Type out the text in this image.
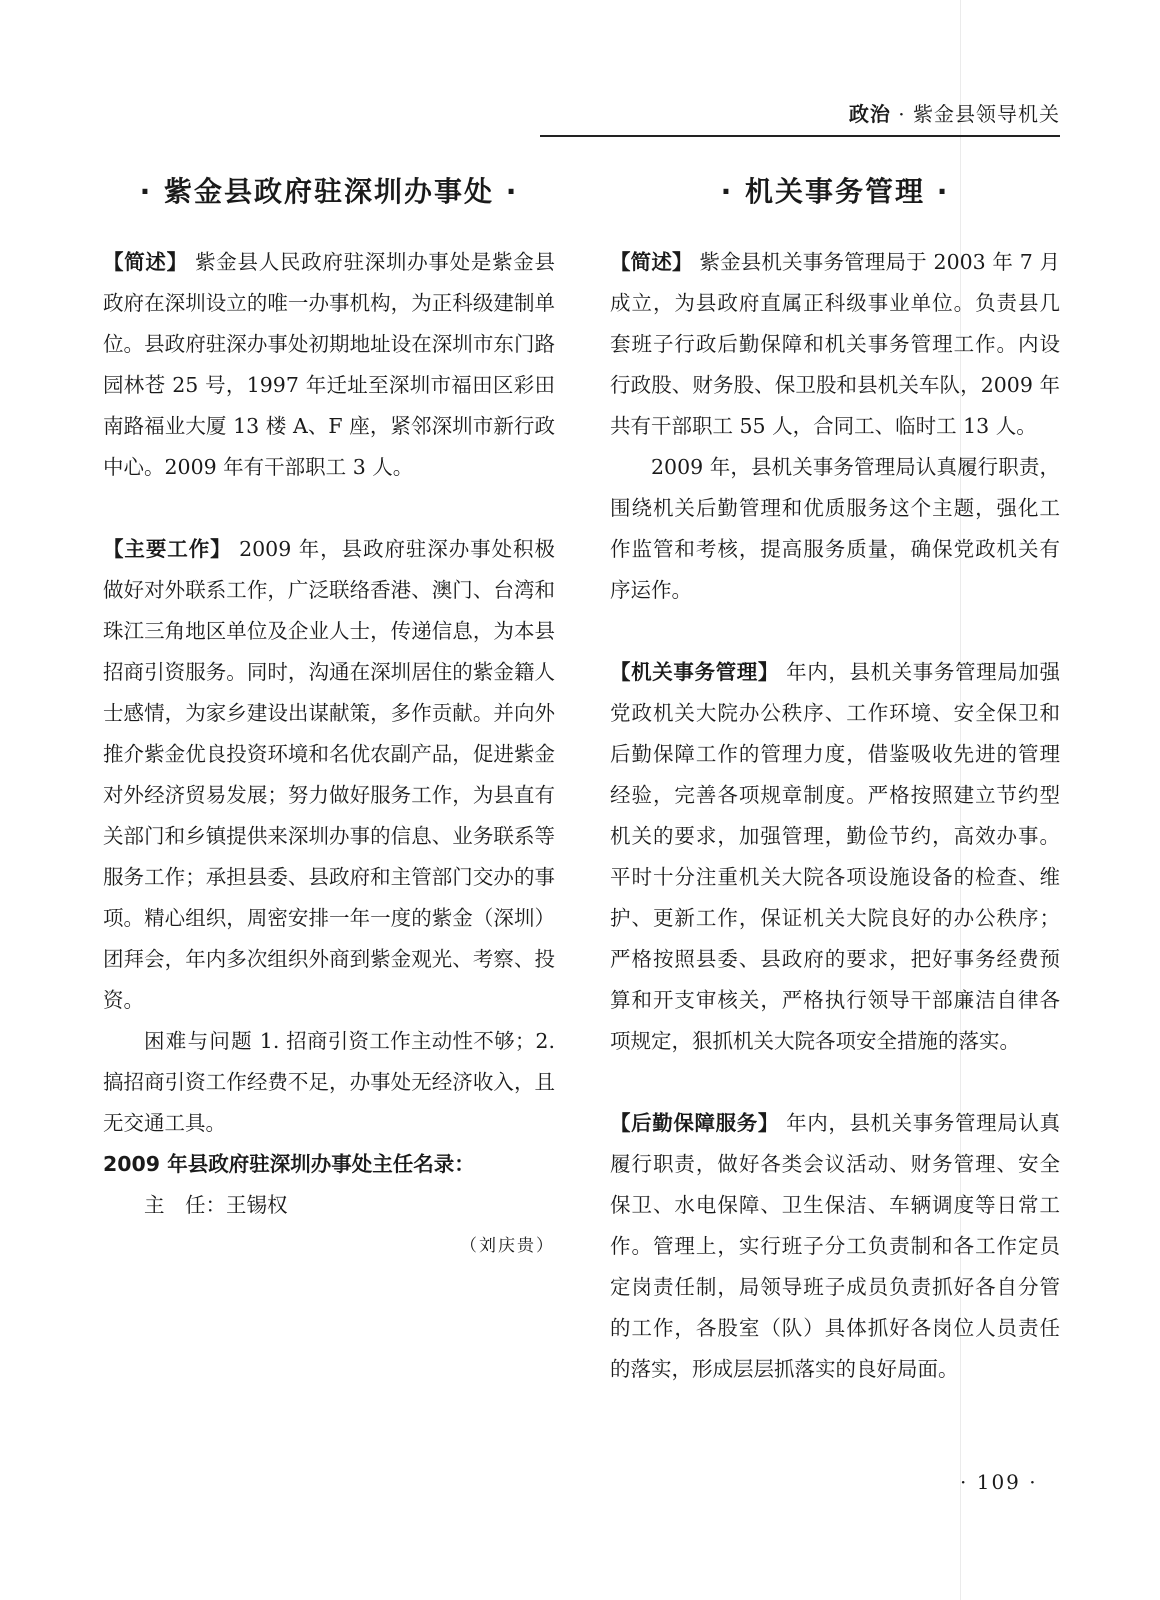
政治 · 紫金县领导机关
· 紫金县政府驻深圳办事处 ·

【简述】 紫金县人民政府驻深圳办事处是紫金县政府在深圳设立的唯一办事机构，为正科级建制单位。县政府驻深办事处初期地址设在深圳市东门路园林苍 25 号，1997 年迁址至深圳市福田区彩田南路福业大厦 13 楼 A、F 座，紧邻深圳市新行政中心。2009 年有干部职工 3 人。

【主要工作】 2009 年，县政府驻深办事处积极做好对外联系工作，广泛联络香港、澳门、台湾和珠江三角地区单位及企业人士，传递信息，为本县招商引资服务。同时，沟通在深圳居住的紫金籍人士感情，为家乡建设出谋献策，多作贡献。并向外推介紫金优良投资环境和名优农副产品，促进紫金对外经济贸易发展；努力做好服务工作，为县直有关部门和乡镇提供来深圳办事的信息、业务联系等服务工作；承担县委、县政府和主管部门交办的事项。精心组织，周密安排一年一度的紫金（深圳）团拜会，年内多次组织外商到紫金观光、考察、投资。

困难与问题 1. 招商引资工作主动性不够；2. 搞招商引资工作经费不足，办事处无经济收入，且无交通工具。

2009 年县政府驻深圳办事处主任名录：

主　任：王锡权

（刘庆贵）

· 机关事务管理 ·

【简述】 紫金县机关事务管理局于 2003 年 7 月成立，为县政府直属正科级事业单位。负责县几套班子行政后勤保障和机关事务管理工作。内设行政股、财务股、保卫股和县机关车队，2009 年共有干部职工 55 人，合同工、临时工 13 人。

2009 年，县机关事务管理局认真履行职责，围绕机关后勤管理和优质服务这个主题，强化工作监管和考核，提高服务质量，确保党政机关有序运作。

【机关事务管理】 年内，县机关事务管理局加强党政机关大院办公秩序、工作环境、安全保卫和后勤保障工作的管理力度，借鉴吸收先进的管理经验，完善各项规章制度。严格按照建立节约型机关的要求，加强管理，勤俭节约，高效办事。平时十分注重机关大院各项设施设备的检查、维护、更新工作，保证机关大院良好的办公秩序；严格按照县委、县政府的要求，把好事务经费预算和开支审核关，严格执行领导干部廉洁自律各项规定，狠抓机关大院各项安全措施的落实。

【后勤保障服务】 年内，县机关事务管理局认真履行职责，做好各类会议活动、财务管理、安全保卫、水电保障、卫生保洁、车辆调度等日常工作。管理上，实行班子分工负责制和各工作定员定岗责任制，局领导班子成员负责抓好各自分管的工作，各股室（队）具体抓好各岗位人员责任的落实，形成层层抓落实的良好局面。

· 109 ·
